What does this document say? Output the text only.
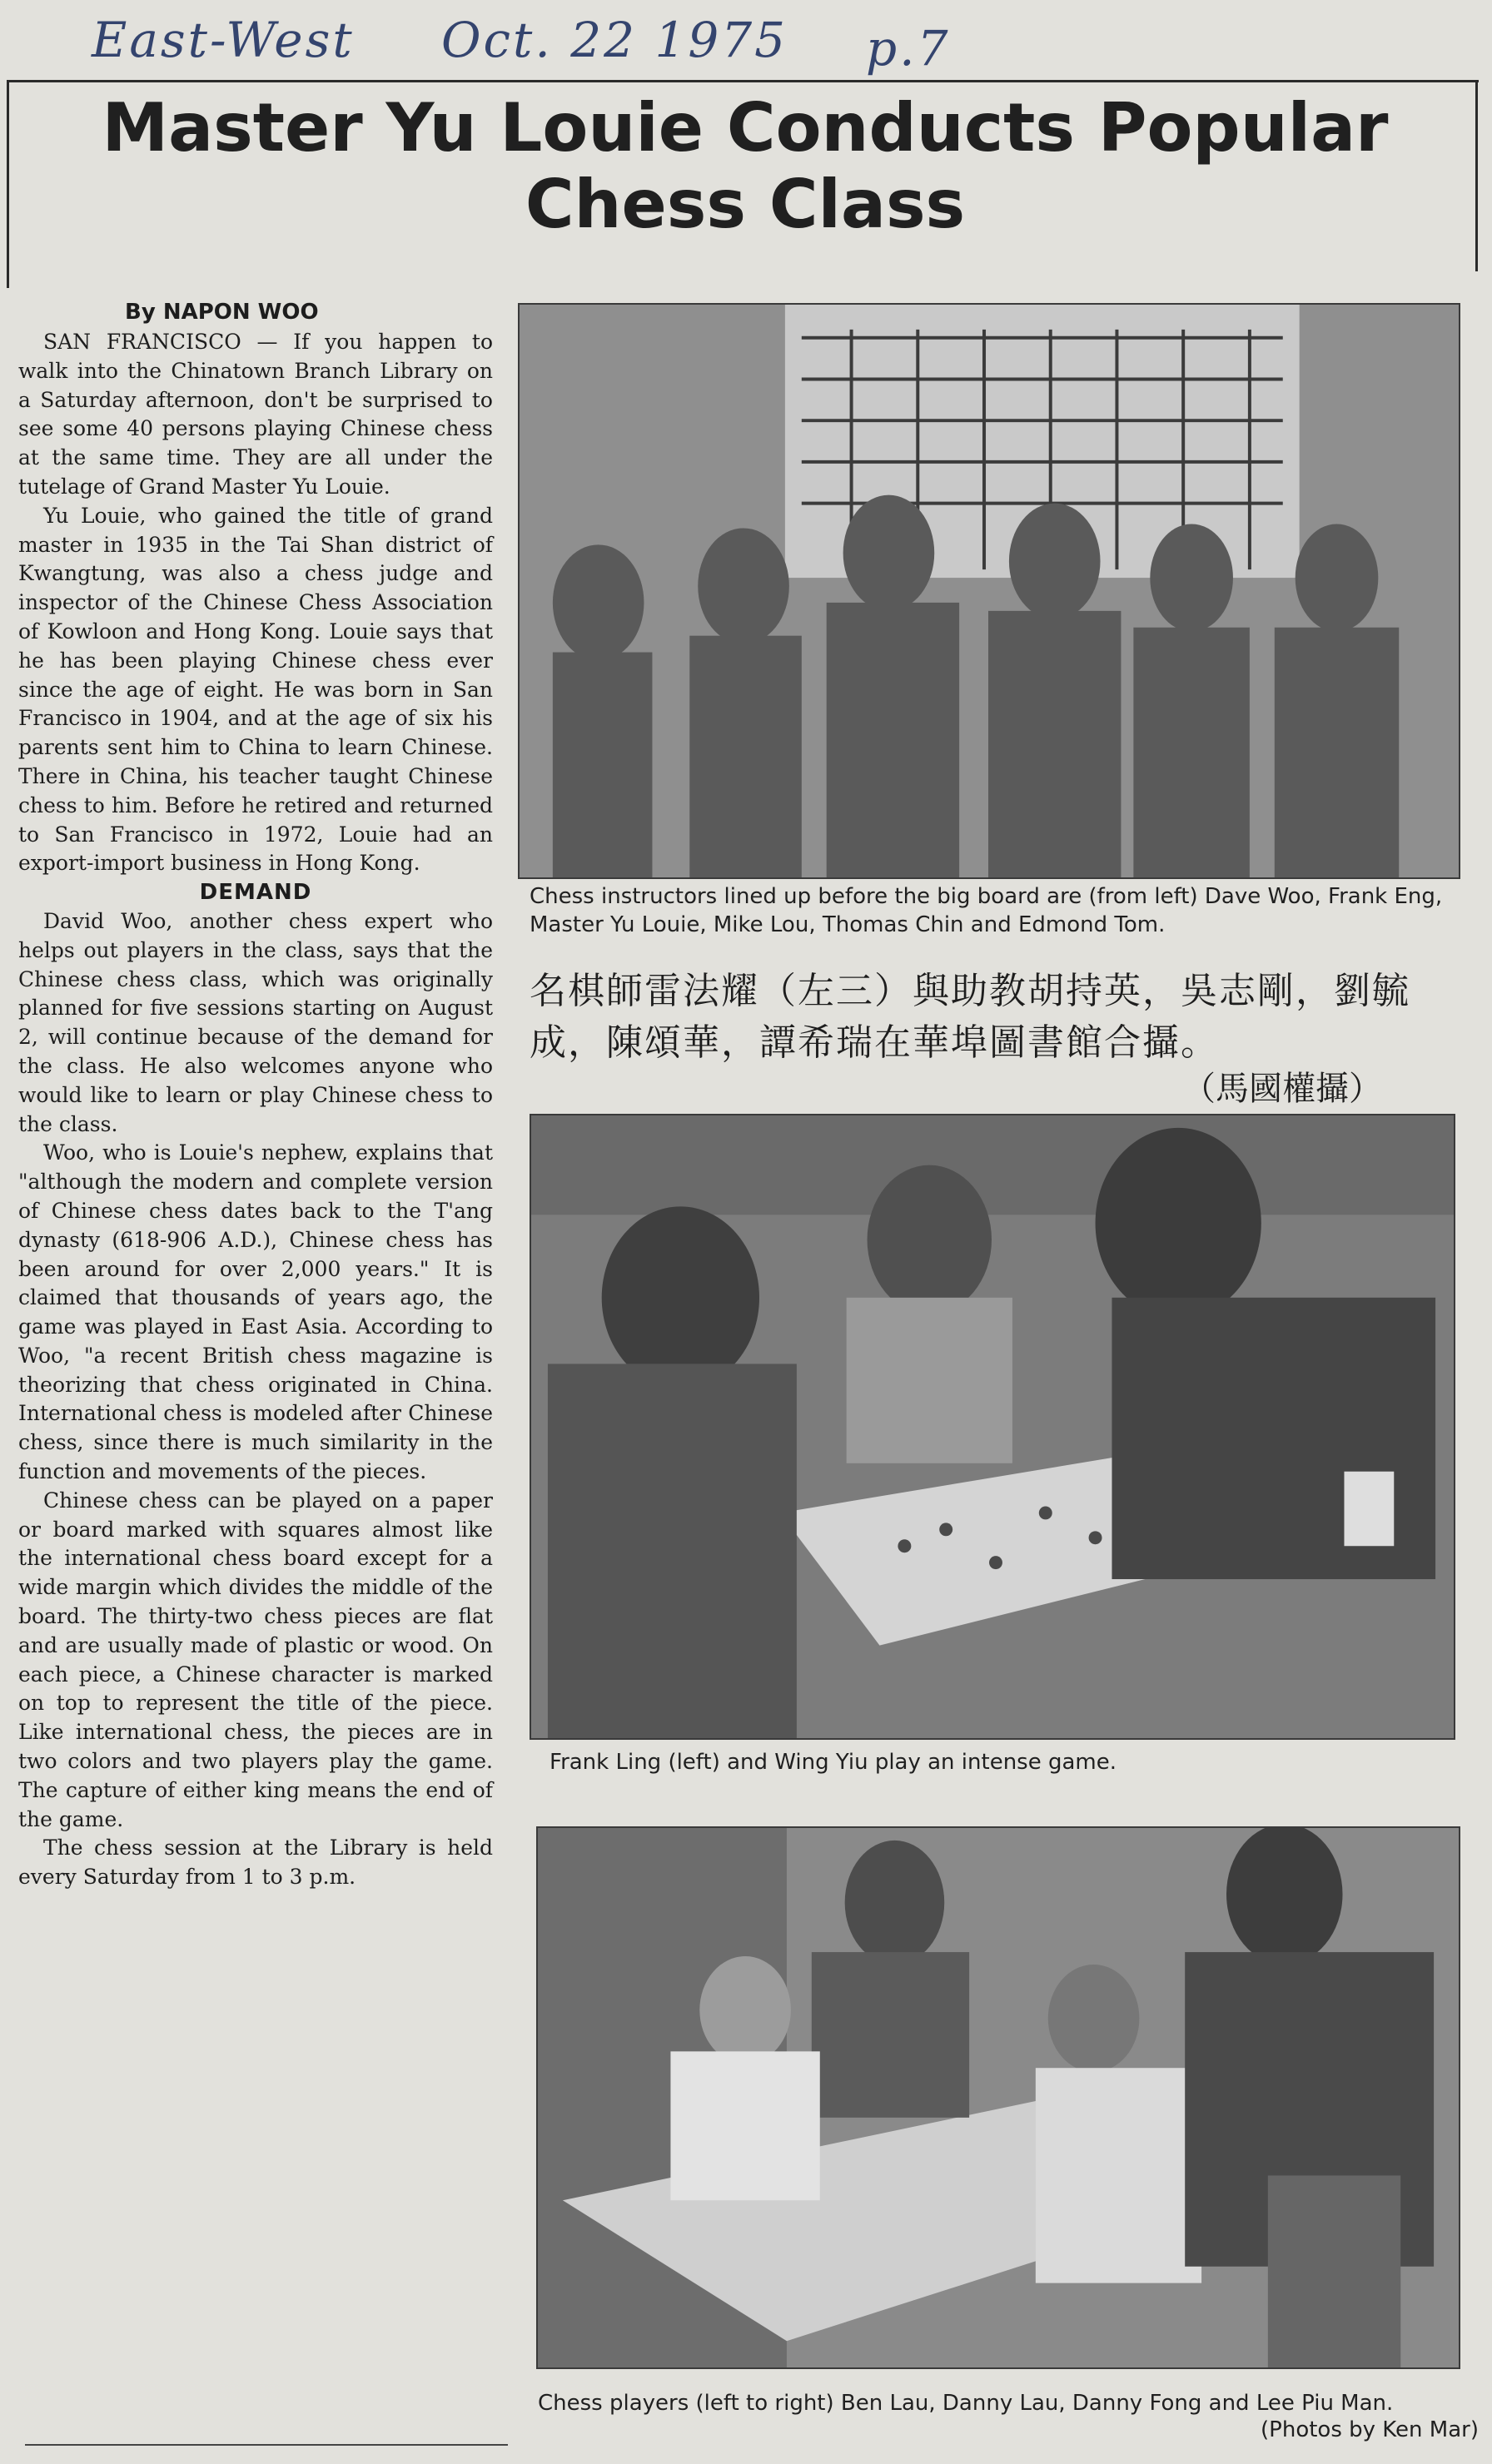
East-West Oct. 22 1975 p.7
Master Yu Louie Conducts Popular Chess Class
By NAPON WOO

SAN FRANCISCO — If you happen to walk into the Chinatown Branch Library on a Saturday afternoon, don't be surprised to see some 40 persons playing Chinese chess at the same time. They are all under the tutelage of Grand Master Yu Louie.

Yu Louie, who gained the title of grand master in 1935 in the Tai Shan district of Kwangtung, was also a chess judge and inspector of the Chinese Chess Association of Kowloon and Hong Kong. Louie says that he has been playing Chinese chess ever since the age of eight. He was born in San Francisco in 1904, and at the age of six his parents sent him to China to learn Chinese. There in China, his teacher taught Chinese chess to him. Before he retired and returned to San Francisco in 1972, Louie had an export-import business in Hong Kong.

DEMAND

David Woo, another chess expert who helps out players in the class, says that the Chinese chess class, which was originally planned for five sessions starting on August 2, will continue because of the demand for the class. He also welcomes anyone who would like to learn or play Chinese chess to the class.

Woo, who is Louie's nephew, explains that "although the modern and complete version of Chinese chess dates back to the T'ang dynasty (618-906 A.D.), Chinese chess has been around for over 2,000 years." It is claimed that thousands of years ago, the game was played in East Asia. According to Woo, "a recent British chess magazine is theorizing that chess originated in China. International chess is modeled after Chinese chess, since there is much similarity in the function and movements of the pieces.

Chinese chess can be played on a paper or board marked with squares almost like the international chess board except for a wide margin which divides the middle of the board. The thirty-two chess pieces are flat and are usually made of plastic or wood. On each piece, a Chinese character is marked on top to represent the title of the piece. Like international chess, the pieces are in two colors and two players play the game. The capture of either king means the end of the game.

The chess session at the Library is held every Saturday from 1 to 3 p.m.

Chess instructors lined up before the big board are (from left) Dave Woo, Frank Eng, Master Yu Louie, Mike Lou, Thomas Chin and Edmond Tom.
名棋師雷法耀（左三）與助教胡持英，吳志剛，劉毓成，陳頌華，譚希瑞在華埠圖書館合攝。
（馬國權攝）
Frank Ling (left) and Wing Yiu play an intense game.
Chess players (left to right) Ben Lau, Danny Lau, Danny Fong and Lee Piu Man.
(Photos by Ken Mar)
